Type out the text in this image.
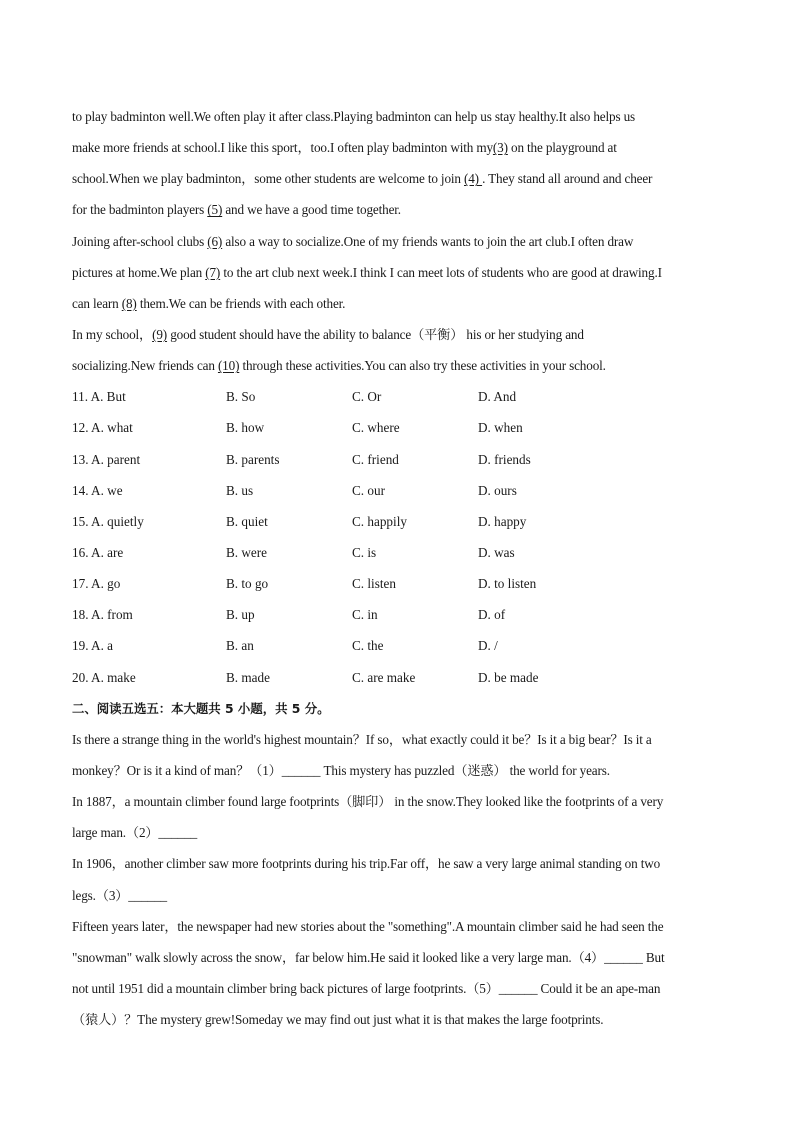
to play badminton well.We often play it after class.Playing badminton can help us stay healthy.It also helps us
make more friends at school.I like this sport，too.I often play badminton with my(3) on the playground at
school.When we play badminton，some other students are welcome to join (4) . They stand all around and cheer
for the badminton players (5) and we have a good time together.
Joining after-school clubs (6) also a way to socialize.One of my friends wants to join the art club.I often draw
pictures at home.We plan (7) to the art club next week.I think I can meet lots of students who are good at drawing.I
can learn (8) them.We can be friends with each other.
In my school，(9) good student should have the ability to balance（平衡） his or her studying and
socializing.New friends can (10) through these activities.You can also try these activities in your school.
11. A. But	B. So	C. Or	D. And
12. A. what	B. how	C. where	D. when
13. A. parent	B. parents	C. friend	D. friends
14. A. we	B. us	C. our	D. ours
15. A. quietly	B. quiet	C. happily	D. happy
16. A. are	B. were	C. is	D. was
17. A. go	B. to go	C. listen	D. to listen
18. A. from	B. up	C. in	D. of
19. A. a	B. an	C. the	D. /
20. A. make	B. made	C. are make	D. be made
二、阅读五选五：本大题共 5 小题，共 5 分。
Is there a strange thing in the world's highest mountain？If so，what exactly could it be？Is it a big bear？Is it a
monkey？Or is it a kind of man？（1）______ This mystery has puzzled（迷惑） the world for years.
In 1887，a mountain climber found large footprints（脚印） in the snow.They looked like the footprints of a very
large man.（2）______
In 1906，another climber saw more footprints during his trip.Far off，he saw a very large animal standing on two
legs.（3）______
Fifteen years later，the newspaper had new stories about the "something".A mountain climber said he had seen the
"snowman" walk slowly across the snow，far below him.He said it looked like a very large man.（4）______ But
not until 1951 did a mountain climber bring back pictures of large footprints.（5）______ Could it be an ape-man
（猿人）？The mystery grew!Someday we may find out just what it is that makes the large footprints.
